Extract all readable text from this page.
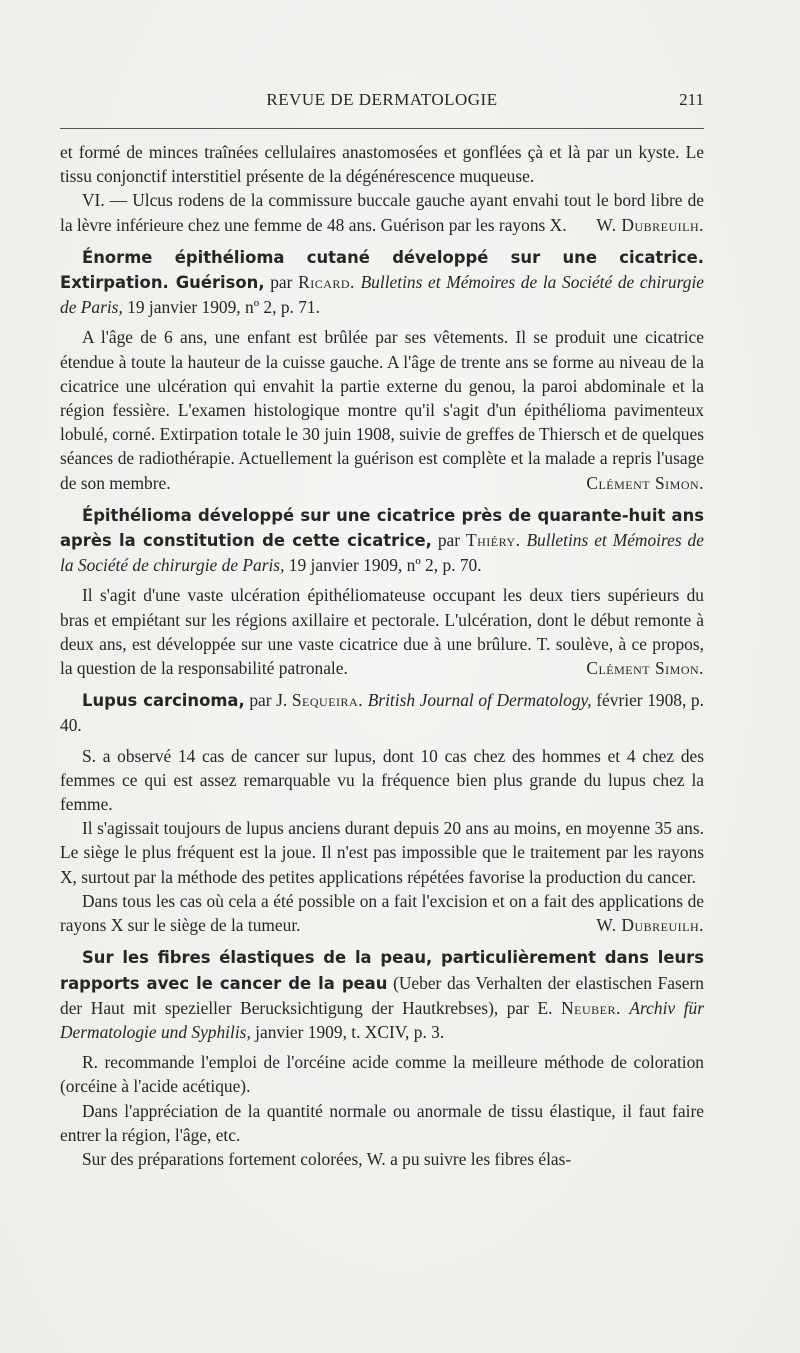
REVUE DE DERMATOLOGIE	211

et formé de minces traînées cellulaires anastomosées et gonflées çà et là par un kyste. Le tissu conjonctif interstitiel présente de la dégénérescence muqueuse.

VI. — Ulcus rodens de la commissure buccale gauche ayant envahi tout le bord libre de la lèvre inférieure chez une femme de 48 ans. Guérison par les rayons X.	W. Dubreuilh.

Énorme épithélioma cutané développé sur une cicatrice. Extirpation. Guérison, par Ricard. Bulletins et Mémoires de la Société de chirurgie de Paris, 19 janvier 1909, nº 2, p. 71.

A l'âge de 6 ans, une enfant est brûlée par ses vêtements. Il se produit une cicatrice étendue à toute la hauteur de la cuisse gauche. A l'âge de trente ans se forme au niveau de la cicatrice une ulcération qui envahit la partie externe du genou, la paroi abdominale et la région fessière. L'examen histologique montre qu'il s'agit d'un épithélioma pavimenteux lobulé, corné. Extirpation totale le 30 juin 1908, suivie de greffes de Thiersch et de quelques séances de radiothérapie. Actuellement la guérison est complète et la malade a repris l'usage de son membre.	Clément Simon.

Épithélioma développé sur une cicatrice près de quarante-huit ans après la constitution de cette cicatrice, par Thiéry. Bulletins et Mémoires de la Société de chirurgie de Paris, 19 janvier 1909, nº 2, p. 70.

Il s'agit d'une vaste ulcération épithéliomateuse occupant les deux tiers supérieurs du bras et empiétant sur les régions axillaire et pectorale. L'ulcération, dont le début remonte à deux ans, est développée sur une vaste cicatrice due à une brûlure. T. soulève, à ce propos, la question de la responsabilité patronale.	Clément Simon.

Lupus carcinoma, par J. Sequeira. British Journal of Dermatology, février 1908, p. 40.

S. a observé 14 cas de cancer sur lupus, dont 10 cas chez des hommes et 4 chez des femmes ce qui est assez remarquable vu la fréquence bien plus grande du lupus chez la femme.

Il s'agissait toujours de lupus anciens durant depuis 20 ans au moins, en moyenne 35 ans. Le siège le plus fréquent est la joue. Il n'est pas impossible que le traitement par les rayons X, surtout par la méthode des petites applications répétées favorise la production du cancer.

Dans tous les cas où cela a été possible on a fait l'excision et on a fait des applications de rayons X sur le siège de la tumeur.	W. Dubreuilh.

Sur les fibres élastiques de la peau, particulièrement dans leurs rapports avec le cancer de la peau (Ueber das Verhalten der elastischen Fasern der Haut mit spezieller Berucksichtigung der Hautkrebses), par E. Neuber. Archiv für Dermatologie und Syphilis, janvier 1909, t. XCIV, p. 3.

R. recommande l'emploi de l'orcéine acide comme la meilleure méthode de coloration (orcéine à l'acide acétique).

Dans l'appréciation de la quantité normale ou anormale de tissu élastique, il faut faire entrer la région, l'âge, etc.

Sur des préparations fortement colorées, W. a pu suivre les fibres élas-
